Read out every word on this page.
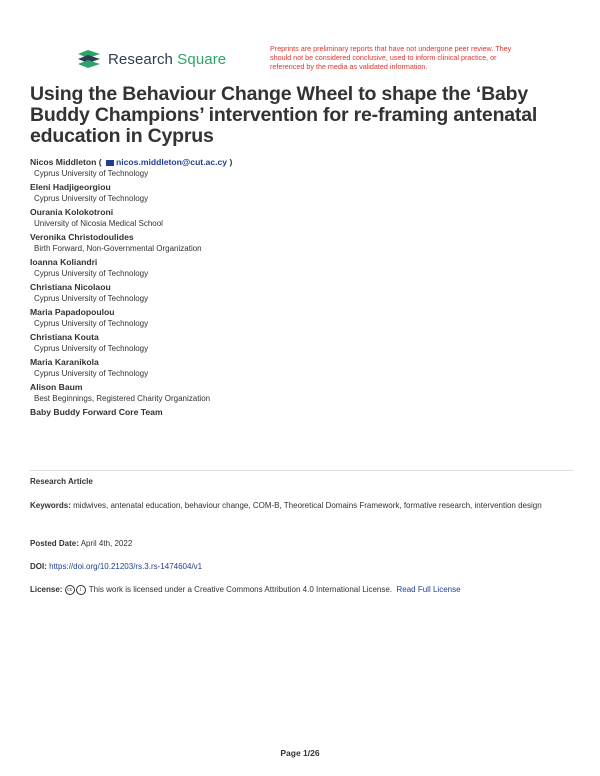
Research Square
Preprints are preliminary reports that have not undergone peer review. They should not be considered conclusive, used to inform clinical practice, or referenced by the media as validated information.
Using the Behaviour Change Wheel to shape the ‘Baby Buddy Champions’ intervention for re-framing antenatal education in Cyprus
Nicos Middleton ( nicos.middleton@cut.ac.cy )
Cyprus University of Technology
Eleni Hadjigeorgiou
Cyprus University of Technology
Ourania Kolokotroni
University of Nicosia Medical School
Veronika Christodoulides
Birth Forward, Non-Governmental Organization
Ioanna Koliandri
Cyprus University of Technology
Christiana Nicolaou
Cyprus University of Technology
Maria Papadopoulou
Cyprus University of Technology
Christiana Kouta
Cyprus University of Technology
Maria Karanikola
Cyprus University of Technology
Alison Baum
Best Beginnings, Registered Charity Organization
Baby Buddy Forward Core Team
Research Article
Keywords: midwives, antenatal education, behaviour change, COM-B, Theoretical Domains Framework, formative research, intervention design
Posted Date: April 4th, 2022
DOI: https://doi.org/10.21203/rs.3.rs-1474604/v1
License: cc i This work is licensed under a Creative Commons Attribution 4.0 International License. Read Full License
Page 1/26
